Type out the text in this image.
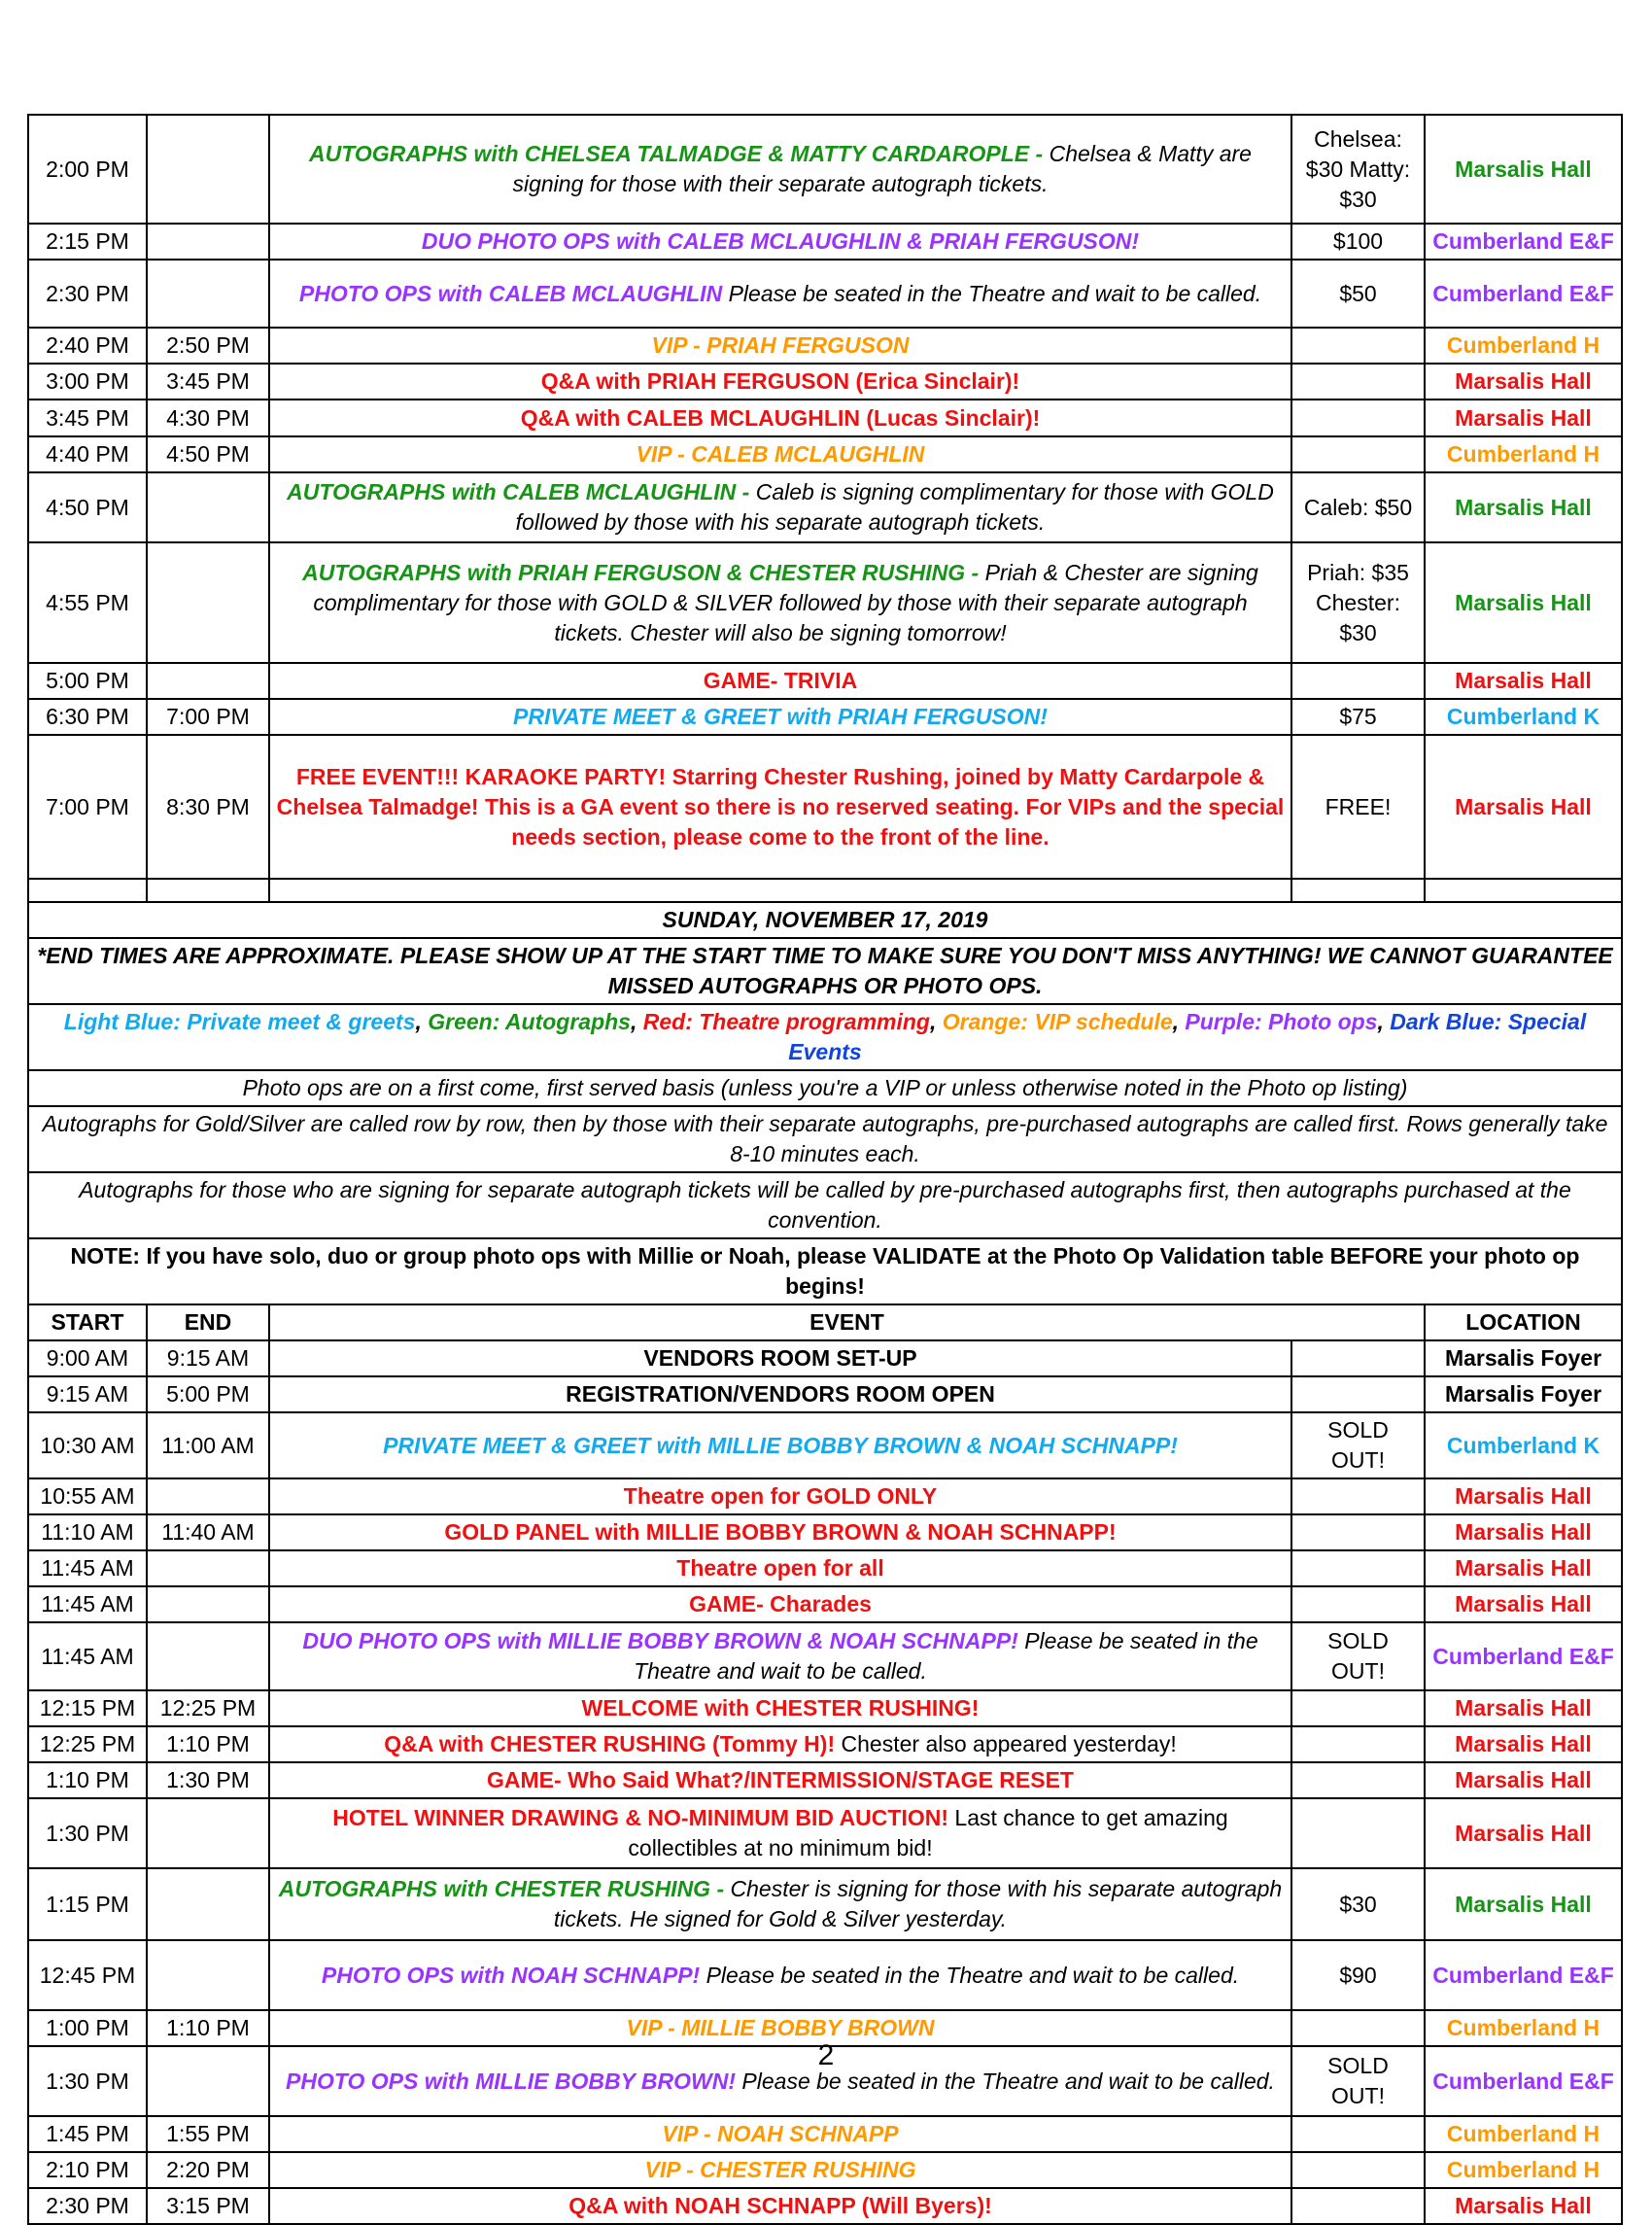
2:00 PM		AUTOGRAPHS with CHELSEA TALMADGE & MATTY CARDAROPLE - Chelsea & Matty are signing for those with their separate autograph tickets.	Chelsea: $30 Matty: $30	Marsalis Hall
2:15 PM		DUO PHOTO OPS with CALEB MCLAUGHLIN & PRIAH FERGUSON!	$100	Cumberland E&F
2:30 PM		PHOTO OPS with CALEB MCLAUGHLIN Please be seated in the Theatre and wait to be called.	$50	Cumberland E&F
2:40 PM	2:50 PM	VIP - PRIAH FERGUSON		Cumberland H
3:00 PM	3:45 PM	Q&A with PRIAH FERGUSON (Erica Sinclair)!		Marsalis Hall
3:45 PM	4:30 PM	Q&A with CALEB MCLAUGHLIN (Lucas Sinclair)!		Marsalis Hall
4:40 PM	4:50 PM	VIP - CALEB MCLAUGHLIN		Cumberland H
4:50 PM		AUTOGRAPHS with CALEB MCLAUGHLIN - Caleb is signing complimentary for those with GOLD followed by those with his separate autograph tickets.	Caleb: $50	Marsalis Hall
4:55 PM		AUTOGRAPHS with PRIAH FERGUSON & CHESTER RUSHING - Priah & Chester are signing complimentary for those with GOLD & SILVER followed by those with their separate autograph tickets. Chester will also be signing tomorrow!	Priah: $35 Chester: $30	Marsalis Hall
5:00 PM		GAME- TRIVIA		Marsalis Hall
6:30 PM	7:00 PM	PRIVATE MEET & GREET with PRIAH FERGUSON!	$75	Cumberland K
7:00 PM	8:30 PM	FREE EVENT!!! KARAOKE PARTY! Starring Chester Rushing, joined by Matty Cardarpole & Chelsea Talmadge! This is a GA event so there is no reserved seating. For VIPs and the special needs section, please come to the front of the line.	FREE!	Marsalis Hall

SUNDAY, NOVEMBER 17, 2019				
*END TIMES ARE APPROXIMATE. PLEASE SHOW UP AT THE START TIME TO MAKE SURE YOU DON'T MISS ANYTHING! WE CANNOT GUARANTEE MISSED AUTOGRAPHS OR PHOTO OPS.				
Light Blue: Private meet & greets, Green: Autographs, Red: Theatre programming, Orange: VIP schedule, Purple: Photo ops, Dark Blue: Special Events				
Photo ops are on a first come, first served basis (unless you're a VIP or unless otherwise noted in the Photo op listing)				
Autographs for Gold/Silver are called row by row, then by those with their separate autographs, pre-purchased autographs are called first. Rows generally take 8-10 minutes each.				
Autographs for those who are signing for separate autograph tickets will be called by pre-purchased autographs first, then autographs purchased at the convention.				
NOTE: If you have solo, duo or group photo ops with Millie or Noah, please VALIDATE at the Photo Op Validation table BEFORE your photo op begins!				
START	END	EVENT		LOCATION
9:00 AM	9:15 AM	VENDORS ROOM SET-UP		Marsalis Foyer
9:15 AM	5:00 PM	REGISTRATION/VENDORS ROOM OPEN		Marsalis Foyer
10:30 AM	11:00 AM	PRIVATE MEET & GREET with MILLIE BOBBY BROWN & NOAH SCHNAPP!	SOLD OUT!	Cumberland K
10:55 AM		Theatre open for GOLD ONLY		Marsalis Hall
11:10 AM	11:40 AM	GOLD PANEL with MILLIE BOBBY BROWN & NOAH SCHNAPP!		Marsalis Hall
11:45 AM		Theatre open for all		Marsalis Hall
11:45 AM		GAME- Charades		Marsalis Hall
11:45 AM		DUO PHOTO OPS with MILLIE BOBBY BROWN & NOAH SCHNAPP! Please be seated in the Theatre and wait to be called.	SOLD OUT!	Cumberland E&F
12:15 PM	12:25 PM	WELCOME with CHESTER RUSHING!		Marsalis Hall
12:25 PM	1:10 PM	Q&A with CHESTER RUSHING (Tommy H)! Chester also appeared yesterday!		Marsalis Hall
1:10 PM	1:30 PM	GAME- Who Said What?/INTERMISSION/STAGE RESET		Marsalis Hall
1:30 PM		HOTEL WINNER DRAWING & NO-MINIMUM BID AUCTION! Last chance to get amazing collectibles at no minimum bid!		Marsalis Hall
1:15 PM		AUTOGRAPHS with CHESTER RUSHING - Chester is signing for those with his separate autograph tickets. He signed for Gold & Silver yesterday.	$30	Marsalis Hall
12:45 PM		PHOTO OPS with NOAH SCHNAPP! Please be seated in the Theatre and wait to be called.	$90	Cumberland E&F
1:00 PM	1:10 PM	VIP - MILLIE BOBBY BROWN		Cumberland H
1:30 PM		PHOTO OPS with MILLIE BOBBY BROWN! Please be seated in the Theatre and wait to be called.	SOLD OUT!	Cumberland E&F
1:45 PM	1:55 PM	VIP - NOAH SCHNAPP		Cumberland H
2:10 PM	2:20 PM	VIP - CHESTER RUSHING		Cumberland H
2:30 PM	3:15 PM	Q&A with NOAH SCHNAPP (Will Byers)!		Marsalis Hall
2
